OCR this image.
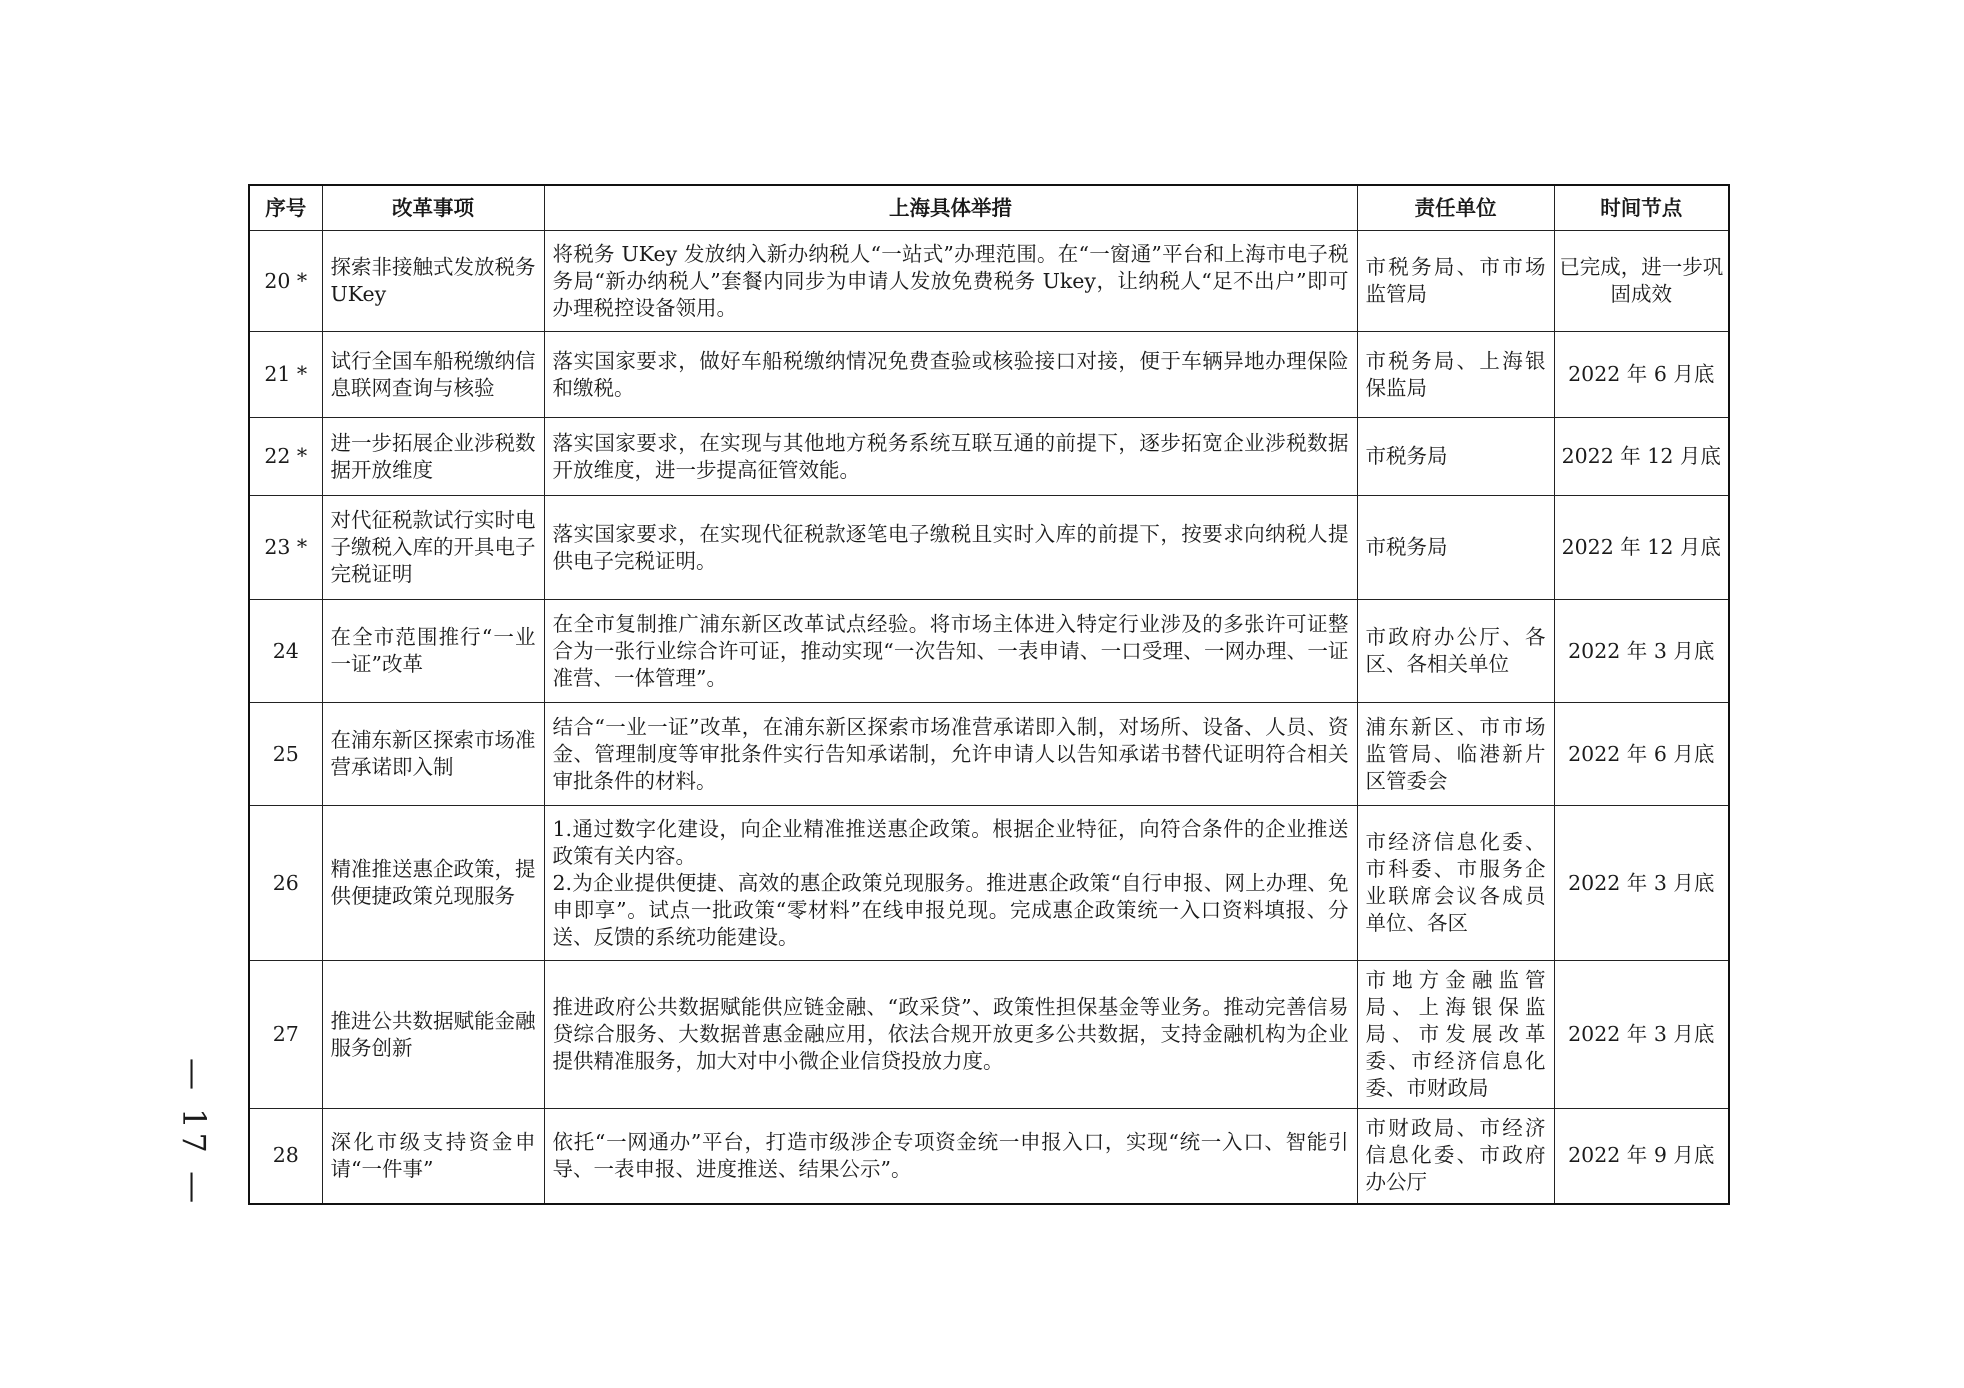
— 17 —
序号	改革事项	上海具体举措	责任单位	时间节点
20 *	探索非接触式发放税务 UKey	将税务 UKey 发放纳入新办纳税人“一站式”办理范围。在“一窗通”平台和上海市电子税务局“新办纳税人”套餐内同步为申请人发放免费税务 Ukey，让纳税人“足不出户”即可办理税控设备领用。	市税务局、市市场监管局	已完成，进一步巩固成效
21 *	试行全国车船税缴纳信息联网查询与核验	落实国家要求，做好车船税缴纳情况免费查验或核验接口对接，便于车辆异地办理保险和缴税。	市税务局、上海银保监局	2022 年 6 月底
22 *	进一步拓展企业涉税数据开放维度	落实国家要求，在实现与其他地方税务系统互联互通的前提下，逐步拓宽企业涉税数据开放维度，进一步提高征管效能。	市税务局	2022 年 12 月底
23 *	对代征税款试行实时电子缴税入库的开具电子完税证明	落实国家要求，在实现代征税款逐笔电子缴税且实时入库的前提下，按要求向纳税人提供电子完税证明。	市税务局	2022 年 12 月底
24	在全市范围推行“一业一证”改革	在全市复制推广浦东新区改革试点经验。将市场主体进入特定行业涉及的多张许可证整合为一张行业综合许可证，推动实现“一次告知、一表申请、一口受理、一网办理、一证准营、一体管理”。	市政府办公厅、各区、各相关单位	2022 年 3 月底
25	在浦东新区探索市场准营承诺即入制	结合“一业一证”改革，在浦东新区探索市场准营承诺即入制，对场所、设备、人员、资金、管理制度等审批条件实行告知承诺制，允许申请人以告知承诺书替代证明符合相关审批条件的材料。	浦东新区、市市场监管局、临港新片区管委会	2022 年 6 月底
26	精准推送惠企政策，提供便捷政策兑现服务	1.通过数字化建设，向企业精准推送惠企政策。根据企业特征，向符合条件的企业推送政策有关内容。
2.为企业提供便捷、高效的惠企政策兑现服务。推进惠企政策“自行申报、网上办理、免申即享”。试点一批政策“零材料”在线申报兑现。完成惠企政策统一入口资料填报、分送、反馈的系统功能建设。	市经济信息化委、市科委、市服务企业联席会议各成员单位、各区	2022 年 3 月底
27	推进公共数据赋能金融服务创新	推进政府公共数据赋能供应链金融、“政采贷”、政策性担保基金等业务。推动完善信易贷综合服务、大数据普惠金融应用，依法合规开放更多公共数据，支持金融机构为企业提供精准服务，加大对中小微企业信贷投放力度。	市地方金融监管局、上海银保监局、市发展改革委、市经济信息化委、市财政局	2022 年 3 月底
28	深化市级支持资金申请“一件事”	依托“一网通办”平台，打造市级涉企专项资金统一申报入口，实现“统一入口、智能引导、一表申报、进度推送、结果公示”。	市财政局、市经济信息化委、市政府办公厅	2022 年 9 月底
